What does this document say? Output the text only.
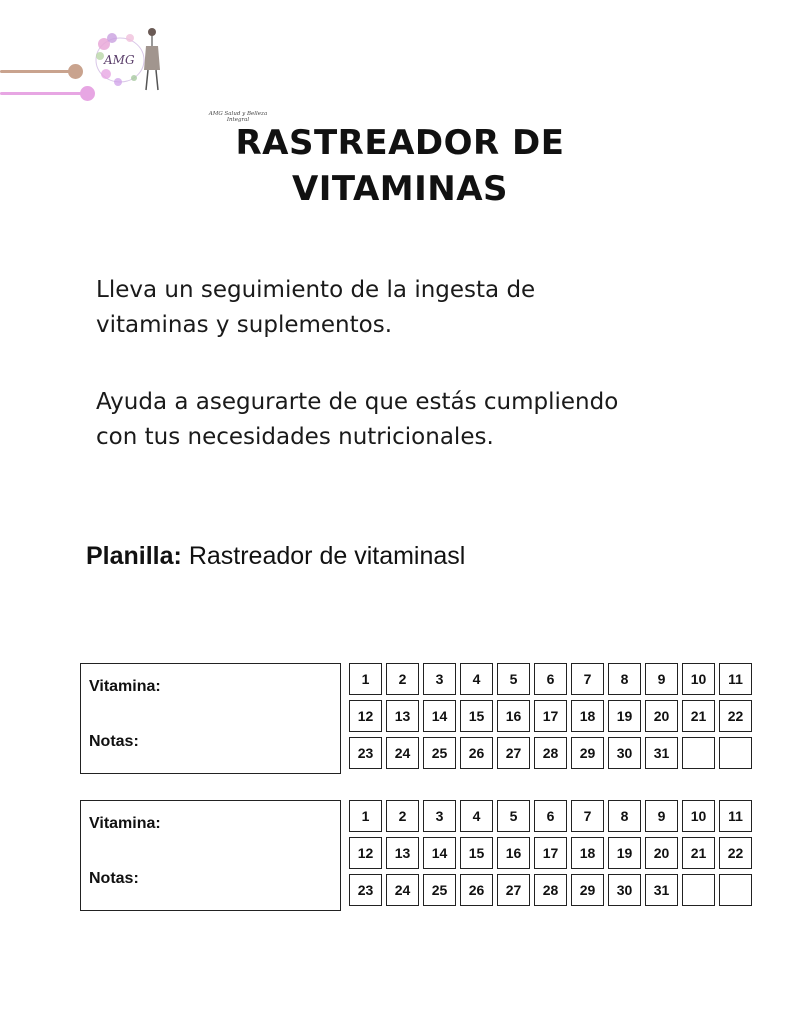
AMG
AMG Salud y Belleza Integral
RASTREADOR DE
VITAMINAS

Lleva un seguimiento de la ingesta de
vitaminas y suplementos.

Ayuda a asegurarte de que estás cumpliendo
con tus necesidades nutricionales.

Planilla: Rastreador de vitaminasl
Vitamina:
Notas:
1	2	3	4	5	6	7	8	9	10	11
12	13	14	15	16	17	18	19	20	21	22
23	24	25	26	27	28	29	30	31
Vitamina:
Notas:
1	2	3	4	5	6	7	8	9	10	11
12	13	14	15	16	17	18	19	20	21	22
23	24	25	26	27	28	29	30	31
